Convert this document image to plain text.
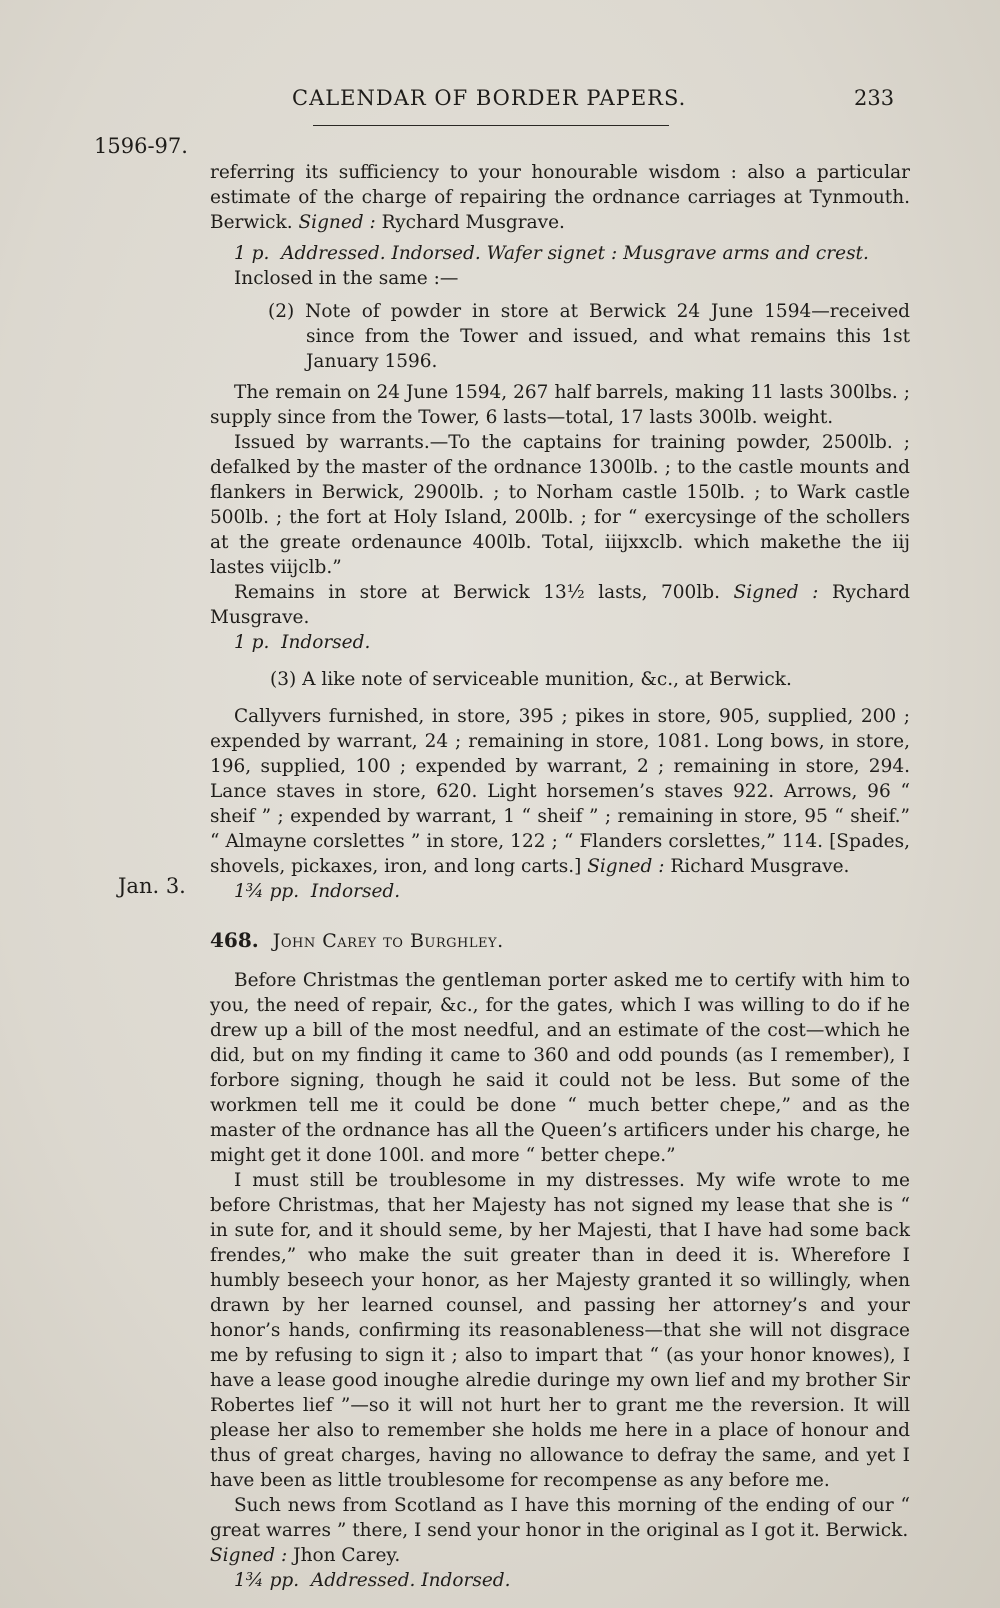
CALENDAR OF BORDER PAPERS.	233
1596-97.
Jan. 3.

referring its sufficiency to your honourable wisdom : also a particular estimate of the charge of repairing the ordnance carriages at Tynmouth. Berwick. Signed : Rychard Musgrave.

1 p. Addressed. Indorsed. Wafer signet : Musgrave arms and crest.

Inclosed in the same :—

(2) Note of powder in store at Berwick 24 June 1594—received since from the Tower and issued, and what remains this 1st January 1596.

The remain on 24 June 1594, 267 half barrels, making 11 lasts 300lbs. ; supply since from the Tower, 6 lasts—total, 17 lasts 300lb. weight.

Issued by warrants.—To the captains for training powder, 2500lb. ; defalked by the master of the ordnance 1300lb. ; to the castle mounts and flankers in Berwick, 2900lb. ; to Norham castle 150lb. ; to Wark castle 500lb. ; the fort at Holy Island, 200lb. ; for “ exercysinge of the schollers at the greate ordenaunce 400lb. Total, iiijxxclb. which makethe the iij lastes viijclb.”

Remains in store at Berwick 13½ lasts, 700lb. Signed : Rychard Musgrave.

1 p. Indorsed.

(3) A like note of serviceable munition, &c., at Berwick.

Callyvers furnished, in store, 395 ; pikes in store, 905, supplied, 200 ; expended by warrant, 24 ; remaining in store, 1081. Long bows, in store, 196, supplied, 100 ; expended by warrant, 2 ; remaining in store, 294. Lance staves in store, 620. Light horsemen’s staves 922. Arrows, 96 “ sheif ” ; expended by warrant, 1 “ sheif ” ; remaining in store, 95 “ sheif.” “ Almayne corslettes ” in store, 122 ; “ Flanders corslettes,” 114. [Spades, shovels, pickaxes, iron, and long carts.] Signed : Richard Musgrave.

1¾ pp. Indorsed.

468. John Carey to Burghley.

Before Christmas the gentleman porter asked me to certify with him to you, the need of repair, &c., for the gates, which I was willing to do if he drew up a bill of the most needful, and an estimate of the cost—which he did, but on my finding it came to 360 and odd pounds (as I remember), I forbore signing, though he said it could not be less. But some of the workmen tell me it could be done “ much better chepe,” and as the master of the ordnance has all the Queen’s artificers under his charge, he might get it done 100l. and more “ better chepe.”

I must still be troublesome in my distresses. My wife wrote to me before Christmas, that her Majesty has not signed my lease that she is “ in sute for, and it should seme, by her Majesti, that I have had some back frendes,” who make the suit greater than in deed it is. Wherefore I humbly beseech your honor, as her Majesty granted it so willingly, when drawn by her learned counsel, and passing her attorney’s and your honor’s hands, confirming its reasonableness—that she will not disgrace me by refusing to sign it ; also to impart that “ (as your honor knowes), I have a lease good inoughe alredie duringe my own lief and my brother Sir Robertes lief ”—so it will not hurt her to grant me the reversion. It will please her also to remember she holds me here in a place of honour and thus of great charges, having no allowance to defray the same, and yet I have been as little troublesome for recompense as any before me.

Such news from Scotland as I have this morning of the ending of our “ great warres ” there, I send your honor in the original as I got it. Berwick.

Signed : Jhon Carey.

1¾ pp. Addressed. Indorsed.
